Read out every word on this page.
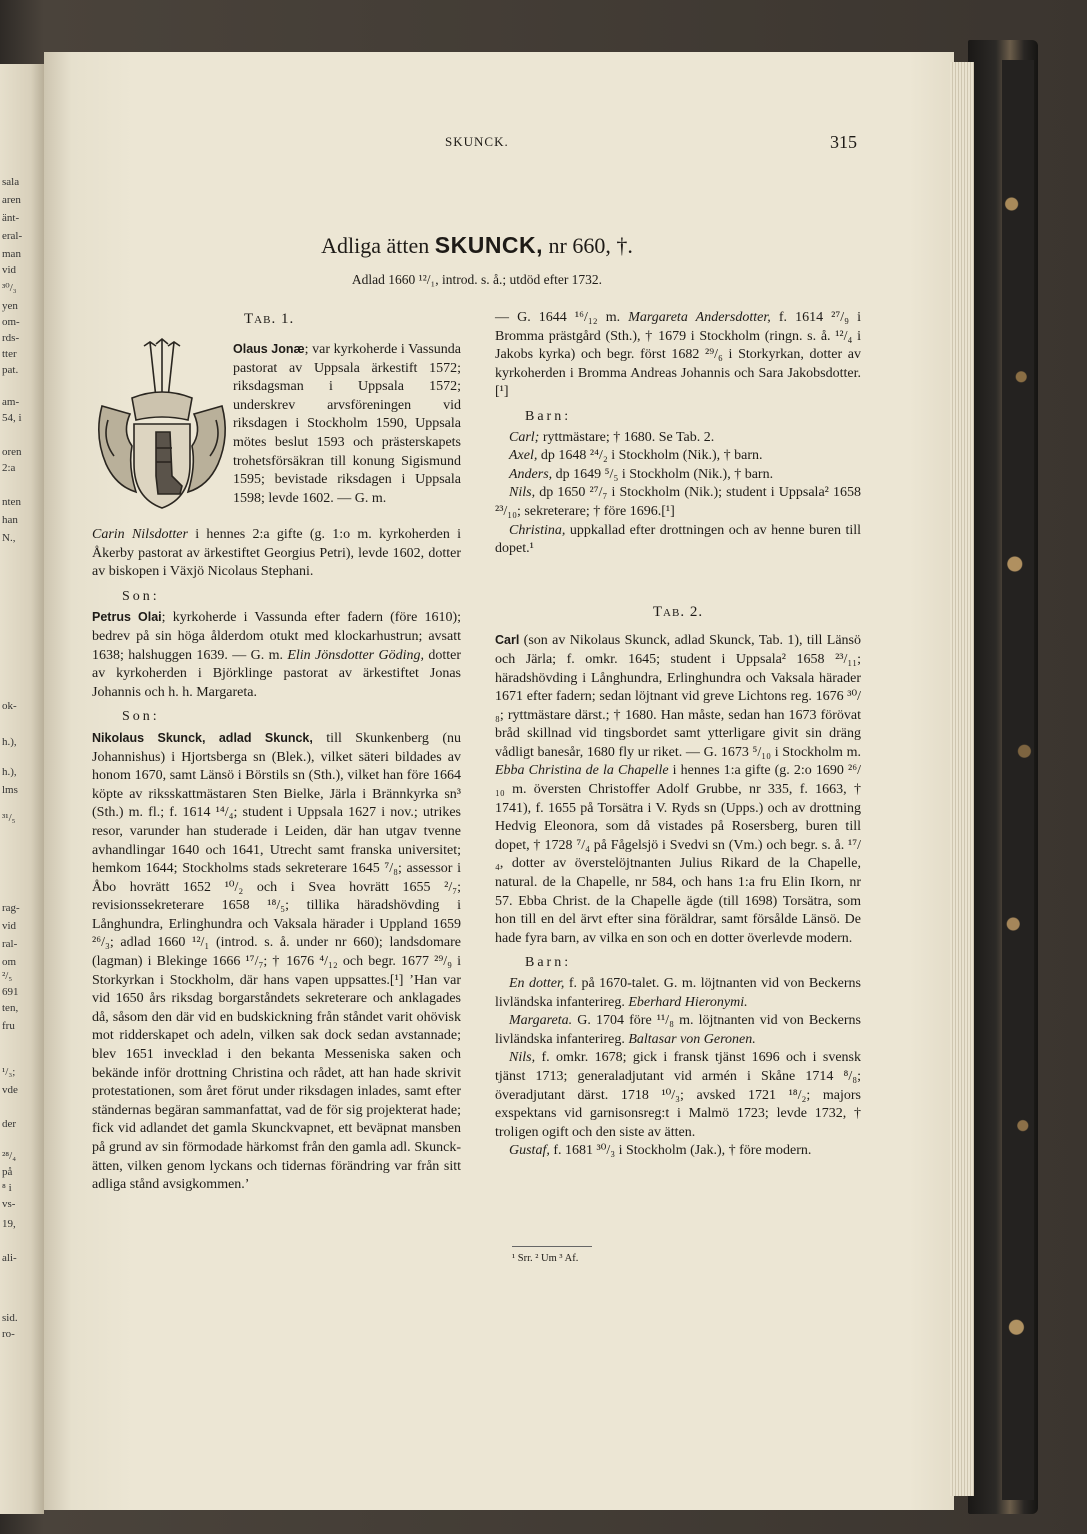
sala
aren
änt-
eral-
man
vid
³⁰/₃
yen
om-
rds-
tter
pat.
am-
54, i
oren
2:a
nten
han
N.,
ok-
h.),
h.),
lms
³¹/₅
rag-
vid
ral-
om
²/₅
691
ten,
fru
¹/₃;
vde
der
²⁸/₄
på
⁸ i
vs-
19,
ali-
sid.
ro-
SKUNCK.	315
Adliga ätten SKUNCK, nr 660, †.
Adlad 1660 ¹²/₁, introd. s. å.; utdöd efter 1732.
Tab. 1.

Olaus Jonæ; var kyrkoherde i Vassunda pastorat av Uppsala ärkestift 1572; riksdagsman i Uppsala 1572; underskrev arvsföreningen vid riksdagen i Stockholm 1590, Uppsala mötes beslut 1593 och prästerskapets trohetsförsäkran till konung Sigismund 1595; bevistade riksdagen i Uppsala 1598; levde 1602. — G. m.

Carin Nilsdotter i hennes 2:a gifte (g. 1:o m. kyrkoherden i Åkerby pastorat av ärkestiftet Georgius Petri), levde 1602, dotter av biskopen i Växjö Nicolaus Stephani.

Son:

Petrus Olai; kyrkoherde i Vassunda efter fadern (före 1610); bedrev på sin höga ålderdom otukt med klockarhustrun; avsatt 1638; halshuggen 1639. — G. m. Elin Jönsdotter Göding, dotter av kyrkoherden i Björklinge pastorat av ärkestiftet Jonas Johannis och h. h. Margareta.

Son:

Nikolaus Skunck, adlad Skunck, till Skunkenberg (nu Johannishus) i Hjortsberga sn (Blek.), vilket säteri bildades av honom 1670, samt Länsö i Börstils sn (Sth.), vilket han före 1664 köpte av riksskattmästaren Sten Bielke, Järla i Brännkyrka sn³ (Sth.) m. fl.; f. 1614 ¹⁴/₄; student i Uppsala 1627 i nov.; utrikes resor, varunder han studerade i Leiden, där han utgav tvenne avhandlingar 1640 och 1641, Utrecht samt franska universitet; hemkom 1644; Stockholms stads sekreterare 1645 ⁷/₈; assessor i Åbo hovrätt 1652 ¹⁰/₂ och i Svea hovrätt 1655 ²/₇; revisionssekreterare 1658 ¹⁸/₅; tillika häradshövding i Långhundra, Erlinghundra och Vaksala härader i Uppland 1659 ²⁶/₃; adlad 1660 ¹²/₁ (introd. s. å. under nr 660); landsdomare (lagman) i Blekinge 1666 ¹⁷/₇; † 1676 ⁴/₁₂ och begr. 1677 ²⁹/₉ i Storkyrkan i Stockholm, där hans vapen uppsattes.[¹] ’Han var vid 1650 års riksdag borgarståndets sekreterare och anklagades då, såsom den där vid en budskickning från ståndet varit ohövisk mot ridderskapet och adeln, vilken sak dock sedan avstannade; blev 1651 invecklad i den bekanta Messeniska saken och bekände inför drottning Christina och rådet, att han hade skrivit protestationen, som året förut under riksdagen inlades, samt efter ständernas begäran sammanfattat, vad de för sig projekterat hade; fick vid adlandet det gamla Skunckvapnet, ett beväpnat mansben på grund av sin förmodade härkomst från den gamla adl. Skunck-ätten, vilken genom lyckans och tidernas förändring var från sitt adliga stånd avsigkommen.’

— G. 1644 ¹⁶/₁₂ m. Margareta Andersdotter, f. 1614 ²⁷/₉ i Bromma prästgård (Sth.), † 1679 i Stockholm (ringn. s. å. ¹²/₄ i Jakobs kyrka) och begr. först 1682 ²⁹/₆ i Storkyrkan, dotter av kyrkoherden i Bromma Andreas Johannis och Sara Jakobsdotter.[¹]

Barn:

Carl; ryttmästare; † 1680. Se Tab. 2.

Axel, dp 1648 ²⁴/₂ i Stockholm (Nik.), † barn.

Anders, dp 1649 ⁵/₅ i Stockholm (Nik.), † barn.

Nils, dp 1650 ²⁷/₇ i Stockholm (Nik.); student i Uppsala² 1658 ²³/₁₀; sekreterare; † före 1696.[¹]

Christina, uppkallad efter drottningen och av henne buren till dopet.¹

Tab. 2.

Carl (son av Nikolaus Skunck, adlad Skunck, Tab. 1), till Länsö och Järla; f. omkr. 1645; student i Uppsala² 1658 ²³/₁₁; häradshövding i Långhundra, Erlinghundra och Vaksala härader 1671 efter fadern; sedan löjtnant vid greve Lichtons reg. 1676 ³⁰/₈; ryttmästare därst.; † 1680. Han måste, sedan han 1673 förövat bråd skillnad vid tingsbordet samt ytterligare givit sin dräng vådligt banesår, 1680 fly ur riket. — G. 1673 ⁵/₁₀ i Stockholm m. Ebba Christina de la Chapelle i hennes 1:a gifte (g. 2:o 1690 ²⁶/₁₀ m. översten Christoffer Adolf Grubbe, nr 335, f. 1663, † 1741), f. 1655 på Torsätra i V. Ryds sn (Upps.) och av drottning Hedvig Eleonora, som då vistades på Rosersberg, buren till dopet, † 1728 ⁷/₄ på Fågelsjö i Svedvi sn (Vm.) och begr. s. å. ¹⁷/₄, dotter av överstelöjtnanten Julius Rikard de la Chapelle, natural. de la Chapelle, nr 584, och hans 1:a fru Elin Ikorn, nr 57. Ebba Christ. de la Chapelle ägde (till 1698) Torsätra, som hon till en del ärvt efter sina föräldrar, samt försålde Länsö. De hade fyra barn, av vilka en son och en dotter överlevde modern.

Barn:

En dotter, f. på 1670-talet. G. m. löjtnanten vid von Beckerns livländska infanterireg. Eberhard Hieronymi.

Margareta. G. 1704 före ¹¹/₈ m. löjtnanten vid von Beckerns livländska infanterireg. Baltasar von Geronen.

Nils, f. omkr. 1678; gick i fransk tjänst 1696 och i svensk tjänst 1713; generaladjutant vid armén i Skåne 1714 ⁸/₈; överadjutant därst. 1718 ¹⁰/₃; avsked 1721 ¹⁸/₂; majors exspektans vid garnisonsreg:t i Malmö 1723; levde 1732, † troligen ogift och den siste av ätten.

Gustaf, f. 1681 ³⁰/₃ i Stockholm (Jak.), † före modern.

¹ Srr. ² Um ³ Af.
